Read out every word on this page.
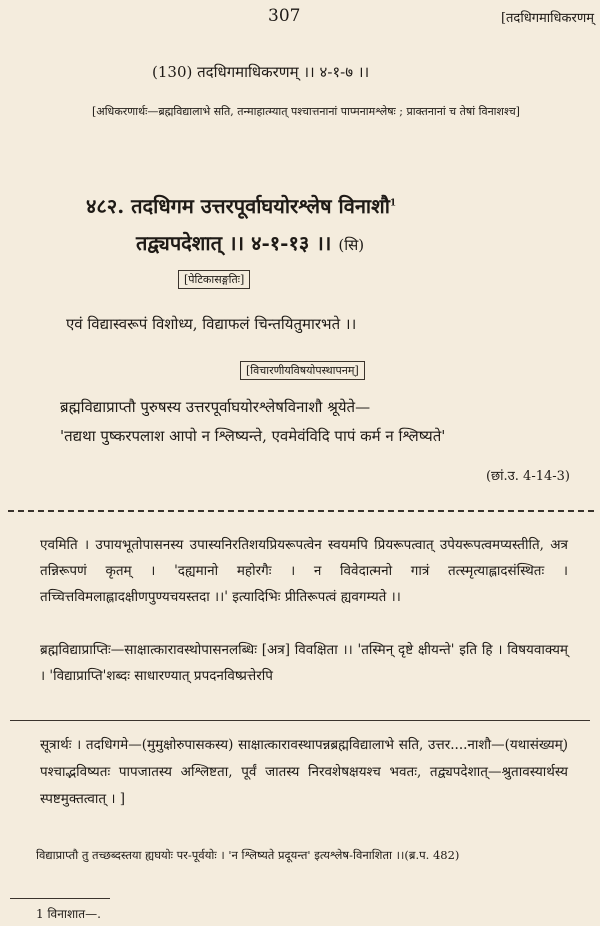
307	[तदधिगमाधिकरणम्
(130) तदधिगमाधिकरणम् ।। ४-१-७ ।।
[अधिकरणार्थः—ब्रह्मविद्यालाभे सति, तन्माहात्म्यात् पश्चात्तनानां पाप्मनामश्लेषः ; प्राक्तनानां च तेषां विनाशश्च]
४८२. तदधिगम उत्तरपूर्वाघयोरश्लेष विनाशौ$^1$
तद्व्यपदेशात् ।। ४-१-१३ ।। (सि)
[पेटिकासङ्गतिः]
एवं विद्यास्वरूपं विशोध्य, विद्याफलं चिन्तयितुमारभते ।।
[विचारणीयविषयोपस्थापनम्]
ब्रह्मविद्याप्राप्तौ पुरुषस्य उत्तरपूर्वाघयोरश्लेषविनाशौ श्रूयेते—
'तद्यथा पुष्करपलाश आपो न श्लिष्यन्ते, एवमेवंविदि पापं कर्म न श्लिष्यते'
(छां.उ. 4-14-3)
एवमिति । उपायभूतोपासनस्य उपास्यनिरतिशयप्रियरूपत्वेन स्वयमपि प्रियरूपत्वात् उपेयरूपत्वमप्यस्तीति, अत्र तन्निरूपणं कृतम् । 'दह्यमानो महोरगैः । न विवेदात्मनो गात्रं तत्स्मृत्याह्लादसंस्थितः । तच्चित्तविमलाह्लादक्षीणपुण्यचयस्तदा ।।' इत्यादिभिः प्रीतिरूपत्वं ह्यवगम्यते ।।
ब्रह्मविद्याप्राप्तिः—साक्षात्कारावस्थोपासनलब्धिः [अत्र] विवक्षिता ।। 'तस्मिन् दृष्टे क्षीयन्ते' इति हि । विषयवाक्यम् । 'विद्याप्राप्ति'शब्दः साधारण्यात् प्रपदनविष्प्रत्तेरपि
सूत्रार्थः । तदधिगमे—(मुमुक्षोरुपासकस्य) साक्षात्कारावस्थापन्नब्रह्मविद्यालाभे सति, उत्तर....नाशौ—(यथासंख्यम्) पश्चाद्भविष्यतः पापजातस्य अश्लिष्टता, पूर्वं जातस्य निरवशेषक्षयश्च भवतः, तद्व्यपदेशात्—श्रुतावस्यार्थस्य स्पष्टमुक्तत्वात् । ]
विद्याप्राप्तौ तु तच्छब्दस्तया ह्यघयोः पर-पूर्वयोः । 'न श्लिष्यते प्रदूयन्त' इत्यश्लेष-विनाशिता ।।(ब्र.प. 482)
1 विनाशात—.
